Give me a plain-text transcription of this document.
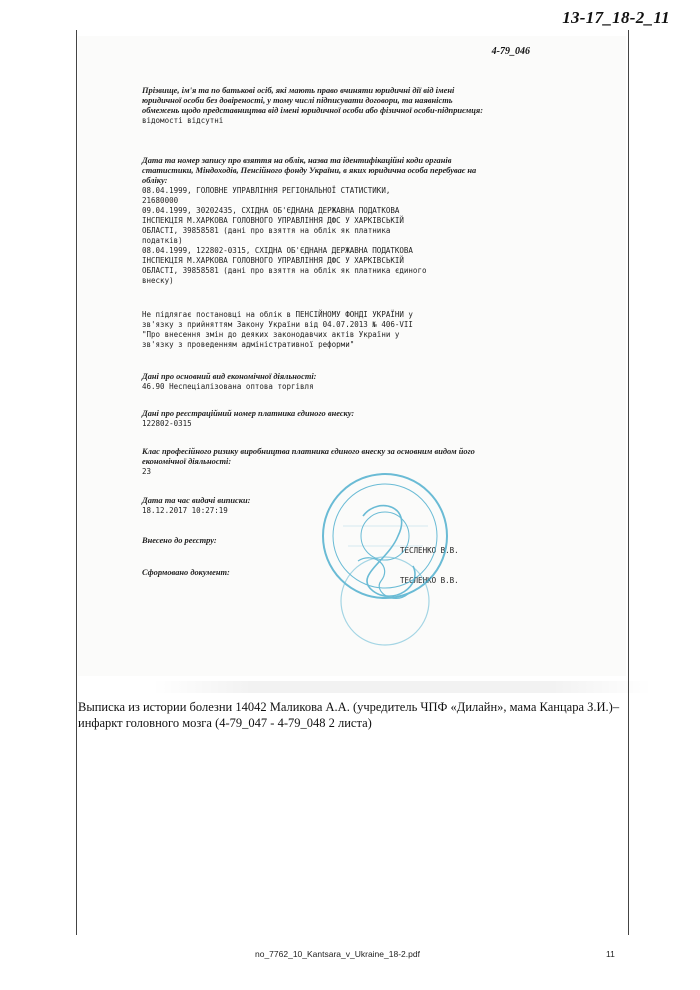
13-17_18-2_11
4-79_046
Прізвище, ім'я та по батькові осіб, які мають право вчиняти юридичні дії від імені юридичної особи без довіреності, у тому числі підписувати договори, та наявність обмежень щодо представництва від імені юридичної особи або фізичної особи-підприємця:
відомості відсутні
Дата та номер запису про взяття на облік, назва та ідентифікаційні коди органів статистики, Міндоходів, Пенсійного фонду України, в яких юридична особа перебуває на обліку:
08.04.1999, ГОЛОВНЕ УПРАВЛІННЯ РЕГІОНАЛЬНОЇ СТАТИСТИКИ,
21680000
09.04.1999, 30202435, СХІДНА ОБ'ЄДНАНА ДЕРЖАВНА ПОДАТКОВА
ІНСПЕКЦІЯ М.ХАРКОВА ГОЛОВНОГО УПРАВЛІННЯ ДФС У ХАРКІВСЬКІЙ
ОБЛАСТІ, 39858581 (дані про взяття на облік як платника
податків)
08.04.1999, 122802-0315, СХІДНА ОБ'ЄДНАНА ДЕРЖАВНА ПОДАТКОВА
ІНСПЕКЦІЯ М.ХАРКОВА ГОЛОВНОГО УПРАВЛІННЯ ДФС У ХАРКІВСЬКІЙ
ОБЛАСТІ, 39858581 (дані про взяття на облік як платника єдиного
внеску)
Не підлягає постановці на облік в ПЕНСІЙНОМУ ФОНДІ УКРАЇНИ у
зв'язку з прийняттям Закону України від 04.07.2013 № 406-VII
"Про внесення змін до деяких законодавчих актів України у
зв'язку з проведенням адміністративної реформи"
Дані про основний вид економічної діяльності:
46.90 Неспеціалізована оптова торгівля
Дані про реєстраційний номер платника єдиного внеску:
122802-0315
Клас професійного ризику виробництва платника єдиного внеску за основним видом його економічної діяльності:
23
Дата та час видачі виписки:
18.12.2017 10:27:19
Внесено до реєстру:
Сформовано документ:
ТЕСЛЕНКО В.В.
ТЕСЛЕНКО В.В.
Выписка из истории болезни 14042 Маликова А.А. (учредитель ЧПФ «Дилайн», мама Канцара З.И.)– инфаркт головного мозга (4-79_047 - 4-79_048 2 листа)
no_7762_10_Kantsara_v_Ukraine_18-2.pdf	11
